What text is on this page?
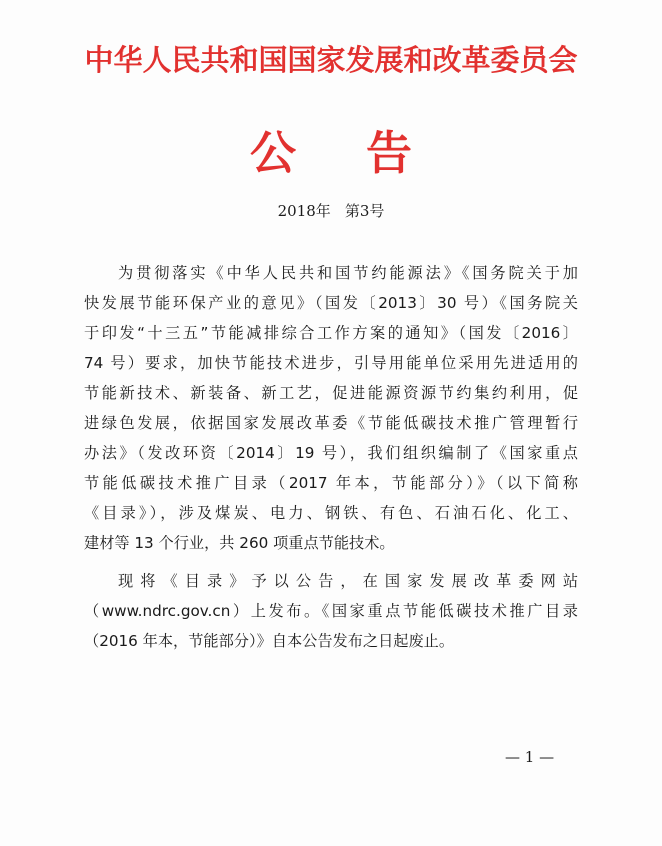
中华人民共和国国家发展和改革委员会
公告
2018年 第3号
为贯彻落实《中华人民共和国节约能源法》《国务院关于加
快发展节能环保产业的意见》（国发〔2013〕30 号）《国务院关
于印发“十三五”节能减排综合工作方案的通知》（国发〔2016〕
74 号）要求，加快节能技术进步，引导用能单位采用先进适用的
节能新技术、新装备、新工艺，促进能源资源节约集约利用，促
进绿色发展，依据国家发展改革委《节能低碳技术推广管理暂行
办法》（发改环资〔2014〕19 号），我们组织编制了《国家重点
节能低碳技术推广目录（2017 年本，节能部分）》（以下简称
《目录》），涉及煤炭、电力、钢铁、有色、石油石化、化工、
建材等 13 个行业，共 260 项重点节能技术。
现将《目录》予以公告，在国家发展改革委网站
（www.ndrc.gov.cn）上发布。《国家重点节能低碳技术推广目录
（2016 年本，节能部分）》自本公告发布之日起废止。
— 1 —
